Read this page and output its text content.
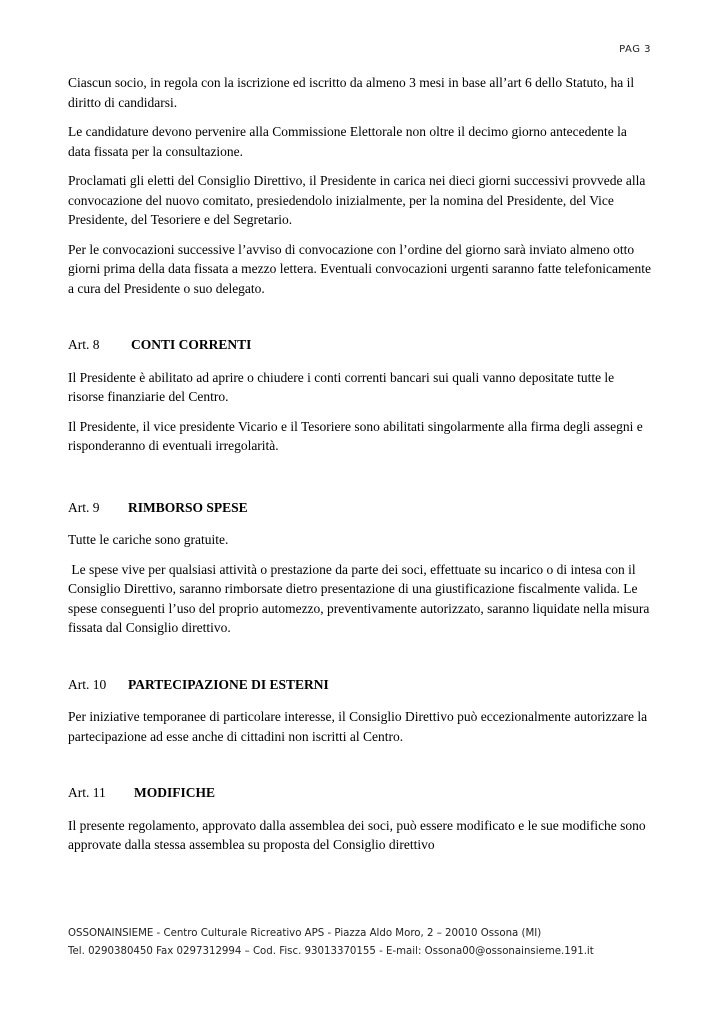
PAG 3

Ciascun socio, in regola con la iscrizione ed iscritto da almeno 3 mesi in base all’art 6 dello Statuto, ha il diritto di candidarsi.

Le candidature devono pervenire alla Commissione Elettorale non oltre il decimo giorno antecedente la data fissata per la consultazione.

Proclamati gli eletti del Consiglio Direttivo, il Presidente in carica nei dieci giorni successivi provvede alla convocazione del nuovo comitato, presiedendolo inizialmente, per la nomina del Presidente, del Vice Presidente, del Tesoriere e del Segretario.

Per le convocazioni successive l’avviso di convocazione con l’ordine del giorno sarà inviato almeno otto giorni prima della data fissata a mezzo lettera. Eventuali convocazioni urgenti saranno fatte telefonicamente a cura del Presidente o suo delegato.

Art. 8	CONTI CORRENTI

Il Presidente è abilitato ad aprire o chiudere i conti correnti bancari sui quali vanno depositate tutte le risorse finanziarie del Centro.

Il Presidente, il vice presidente Vicario e il Tesoriere sono abilitati singolarmente alla firma degli assegni e risponderanno di eventuali irregolarità.

Art. 9	RIMBORSO SPESE

Tutte le cariche sono gratuite.

Le spese vive per qualsiasi attività o prestazione da parte dei soci, effettuate su incarico o di intesa con il Consiglio Direttivo, saranno rimborsate dietro presentazione di una giustificazione fiscalmente valida. Le spese conseguenti l’uso del proprio automezzo, preventivamente autorizzato, saranno liquidate nella misura fissata dal Consiglio direttivo.

Art. 10	PARTECIPAZIONE DI ESTERNI

Per iniziative temporanee di particolare interesse, il Consiglio Direttivo può eccezionalmente autorizzare la partecipazione ad esse anche di cittadini non iscritti al Centro.

Art. 11	MODIFICHE

Il presente regolamento, approvato dalla assemblea dei soci, può essere modificato e le sue modifiche sono approvate dalla stessa assemblea su proposta del Consiglio direttivo

OSSONAINSIEME - Centro Culturale Ricreativo APS - Piazza Aldo Moro, 2 – 20010 Ossona (MI)
Tel. 0290380450 Fax 0297312994 – Cod. Fisc. 93013370155 - E-mail: Ossona00@ossonainsieme.191.it
